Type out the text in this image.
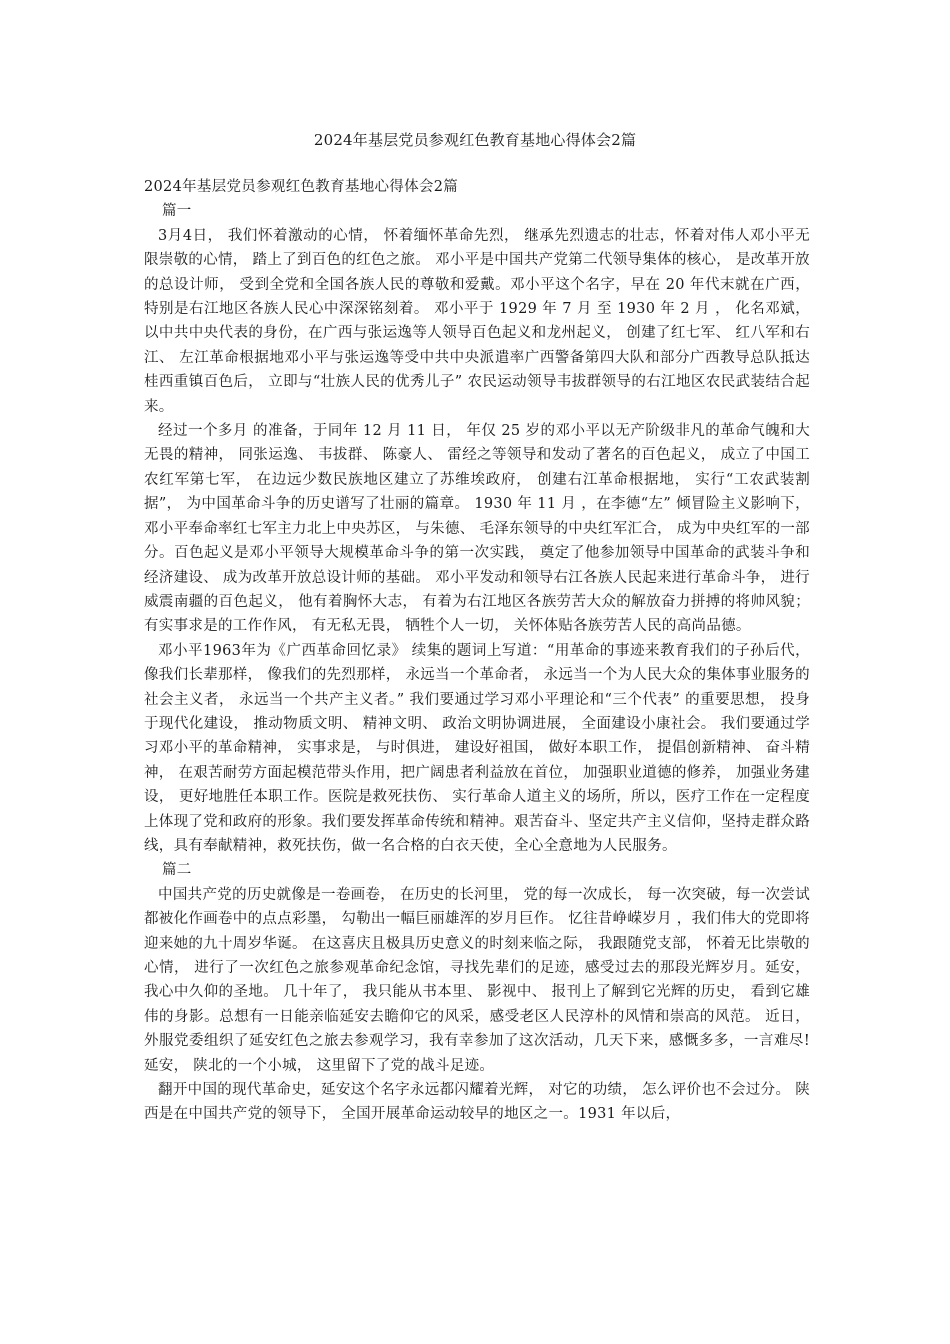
2024年基层党员参观红色教育基地心得体会2篇

2024年基层党员参观红色教育基地心得体会2篇

篇一

3月4日， 我们怀着激动的心情， 怀着缅怀革命先烈， 继承先烈遗志的壮志，怀着对伟人邓小平无限崇敬的心情， 踏上了到百色的红色之旅。 邓小平是中国共产党第二代领导集体的核心， 是改革开放的总设计师， 受到全党和全国各族人民的尊敬和爱戴。邓小平这个名字，早在 20 年代末就在广西， 特别是右江地区各族人民心中深深铭刻着。 邓小平于 1929 年 7 月 至 1930 年 2 月 ， 化名邓斌， 以中共中央代表的身份，在广西与张运逸等人领导百色起义和龙州起义， 创建了红七军、 红八军和右江、 左江革命根据地邓小平与张运逸等受中共中央派遣率广西警备第四大队和部分广西教导总队抵达桂西重镇百色后， 立即与“壮族人民的优秀儿子” 农民运动领导韦拔群领导的右江地区农民武装结合起来。

经过一个多月 的准备，于同年 12 月 11 日， 年仅 25 岁的邓小平以无产阶级非凡的革命气魄和大无畏的精神， 同张运逸、 韦拔群、 陈豪人、 雷经之等领导和发动了著名的百色起义， 成立了中国工农红军第七军， 在边远少数民族地区建立了苏维埃政府， 创建右江革命根据地， 实行“工农武装割据”， 为中国革命斗争的历史谱写了壮丽的篇章。 1930 年 11 月 ，在李德“左” 倾冒险主义影响下， 邓小平奉命率红七军主力北上中央苏区， 与朱德、 毛泽东领导的中央红军汇合， 成为中央红军的一部分。百色起义是邓小平领导大规模革命斗争的第一次实践， 奠定了他参加领导中国革命的武装斗争和经济建设、 成为改革开放总设计师的基础。 邓小平发动和领导右江各族人民起来进行革命斗争， 进行威震南疆的百色起义， 他有着胸怀大志， 有着为右江地区各族劳苦大众的解放奋力拼搏的将帅风貌； 有实事求是的工作作风， 有无私无畏， 牺牲个人一切， 关怀体贴各族劳苦人民的高尚品德。

邓小平1963年为《广西革命回忆录》 续集的题词上写道：“用革命的事迹来教育我们的子孙后代， 像我们长辈那样， 像我们的先烈那样， 永远当一个革命者， 永远当一个为人民大众的集体事业服务的社会主义者， 永远当一个共产主义者。” 我们要通过学习邓小平理论和“三个代表” 的重要思想， 投身于现代化建设， 推动物质文明、 精神文明、 政治文明协调进展， 全面建设小康社会。 我们要通过学习邓小平的革命精神， 实事求是， 与时俱进， 建设好祖国， 做好本职工作， 提倡创新精神、 奋斗精神， 在艰苦耐劳方面起模范带头作用，把广阔患者利益放在首位， 加强职业道德的修养， 加强业务建设， 更好地胜任本职工作。医院是救死扶伤、 实行革命人道主义的场所，所以，医疗工作在一定程度上体现了党和政府的形象。我们要发挥革命传统和精神。艰苦奋斗、坚定共产主义信仰，坚持走群众路线，具有奉献精神，救死扶伤，做一名合格的白衣天使，全心全意地为人民服务。

篇二

中国共产党的历史就像是一卷画卷， 在历史的长河里， 党的每一次成长， 每一次突破，每一次尝试都被化作画卷中的点点彩墨， 勾勒出一幅巨丽雄浑的岁月巨作。 忆往昔峥嵘岁月 ，我们伟大的党即将迎来她的九十周岁华诞。 在这喜庆且极具历史意义的时刻来临之际， 我跟随党支部， 怀着无比崇敬的心情， 进行了一次红色之旅参观革命纪念馆，寻找先辈们的足迹，感受过去的那段光辉岁月。延安， 我心中久仰的圣地。 几十年了， 我只能从书本里、 影视中、 报刊上了解到它光辉的历史， 看到它雄伟的身影。总想有一日能亲临延安去瞻仰它的风采，感受老区人民淳朴的风情和崇高的风范。 近日， 外服党委组织了延安红色之旅去参观学习，我有幸参加了这次活动，几天下来，感慨多多，一言难尽!延安， 陕北的一个小城， 这里留下了党的战斗足迹。

翻开中国的现代革命史，延安这个名字永远都闪耀着光辉， 对它的功绩， 怎么评价也不会过分。 陕西是在中国共产党的领导下， 全国开展革命运动较早的地区之一。1931 年以后，
